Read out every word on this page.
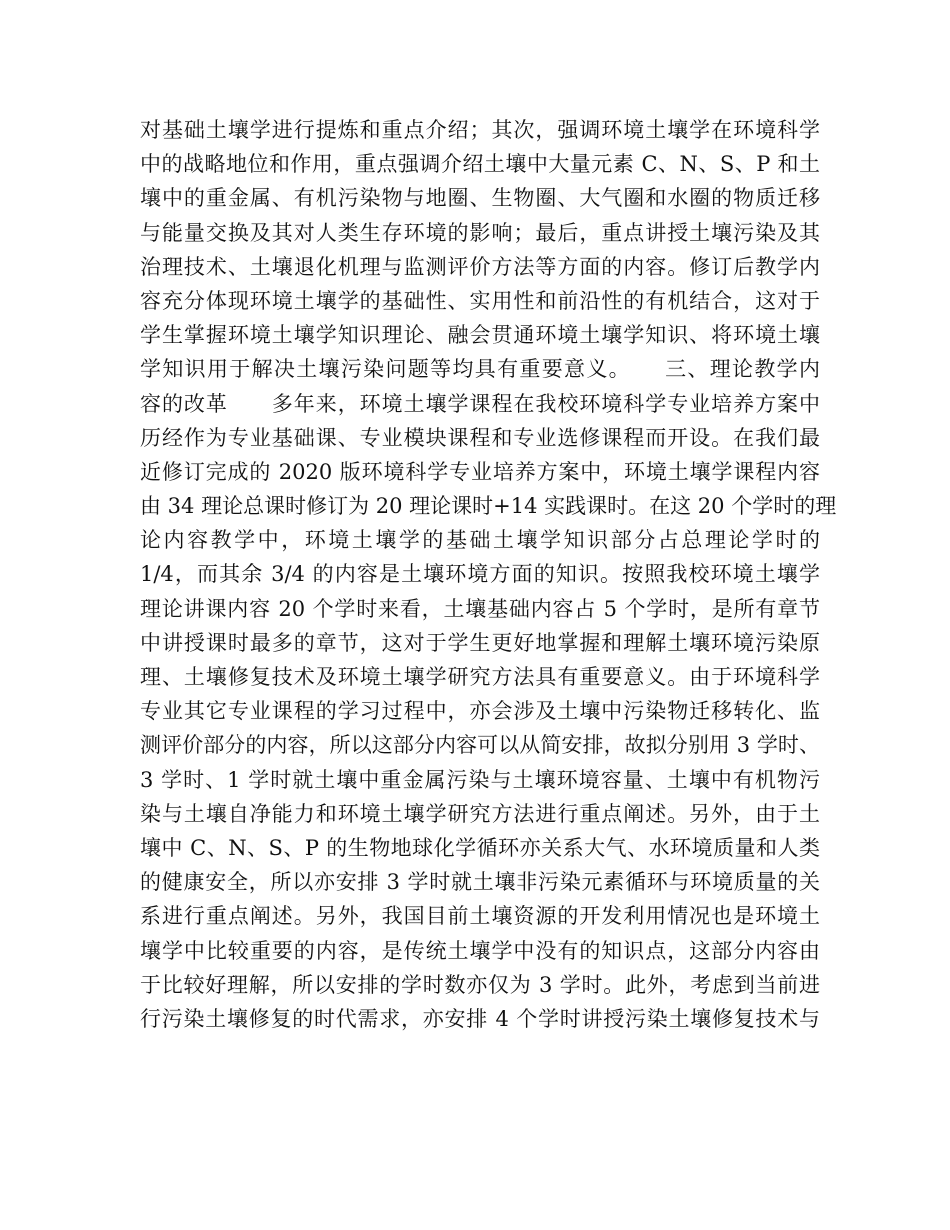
对基础土壤学进行提炼和重点介绍；其次，强调环境土壤学在环境科学
中的战略地位和作用，重点强调介绍土壤中大量元素 C、N、S、P 和土
壤中的重金属、有机污染物与地圈、生物圈、大气圈和水圈的物质迁移
与能量交换及其对人类生存环境的影响；最后，重点讲授土壤污染及其
治理技术、土壤退化机理与监测评价方法等方面的内容。修订后教学内
容充分体现环境土壤学的基础性、实用性和前沿性的有机结合，这对于
学生掌握环境土壤学知识理论、融会贯通环境土壤学知识、将环境土壤
学知识用于解决土壤污染问题等均具有重要意义。　　三、理论教学内
容的改革　　多年来，环境土壤学课程在我校环境科学专业培养方案中
历经作为专业基础课、专业模块课程和专业选修课程而开设。在我们最
近修订完成的 2020 版环境科学专业培养方案中，环境土壤学课程内容
由 34 理论总课时修订为 20 理论课时+14 实践课时。在这 20 个学时的理
论内容教学中，环境土壤学的基础土壤学知识部分占总理论学时的
1/4，而其余 3/4 的内容是土壤环境方面的知识。按照我校环境土壤学
理论讲课内容 20 个学时来看，土壤基础内容占 5 个学时，是所有章节
中讲授课时最多的章节，这对于学生更好地掌握和理解土壤环境污染原
理、土壤修复技术及环境土壤学研究方法具有重要意义。由于环境科学
专业其它专业课程的学习过程中，亦会涉及土壤中污染物迁移转化、监
测评价部分的内容，所以这部分内容可以从简安排，故拟分别用 3 学时、
3 学时、1 学时就土壤中重金属污染与土壤环境容量、土壤中有机物污
染与土壤自净能力和环境土壤学研究方法进行重点阐述。另外，由于土
壤中 C、N、S、P 的生物地球化学循环亦关系大气、水环境质量和人类
的健康安全，所以亦安排 3 学时就土壤非污染元素循环与环境质量的关
系进行重点阐述。另外，我国目前土壤资源的开发利用情况也是环境土
壤学中比较重要的内容，是传统土壤学中没有的知识点，这部分内容由
于比较好理解，所以安排的学时数亦仅为 3 学时。此外，考虑到当前进
行污染土壤修复的时代需求，亦安排 4 个学时讲授污染土壤修复技术与
